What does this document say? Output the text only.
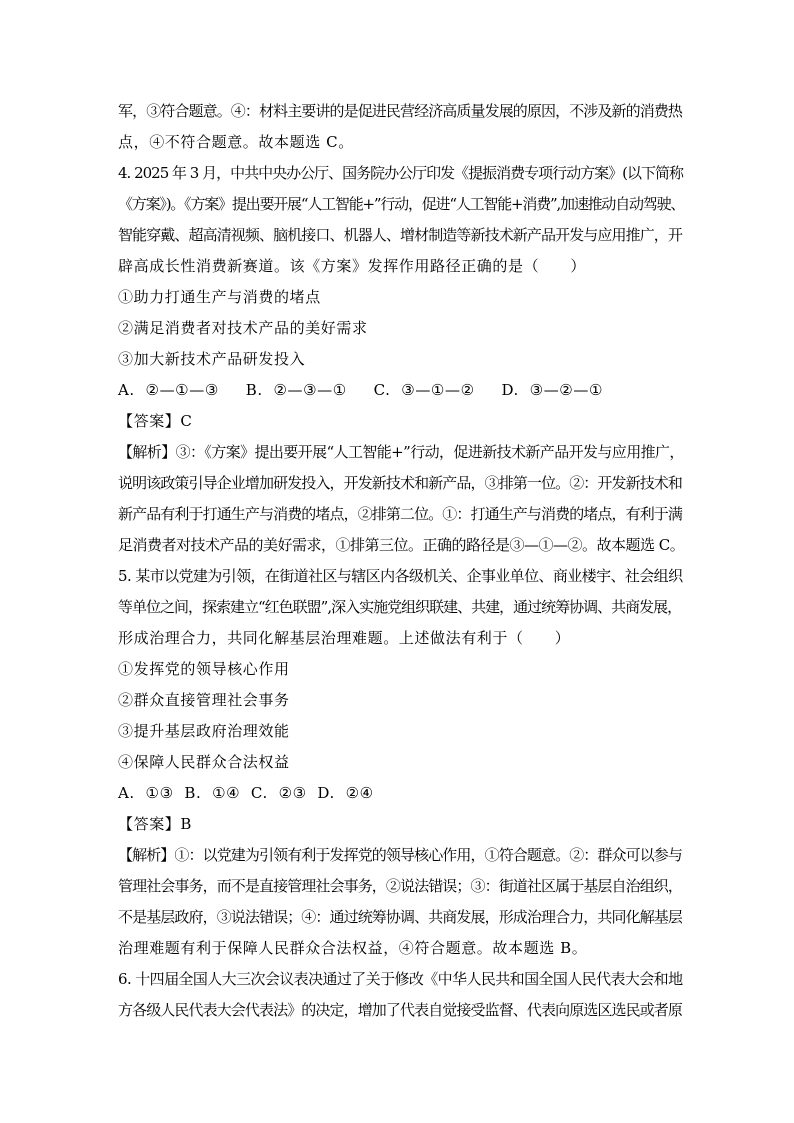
军，③符合题意。④：材料主要讲的是促进民营经济高质量发展的原因，不涉及新的消费热
点，④不符合题意。故本题选 C。
4. 2025 年 3 月，中共中央办公厅、国务院办公厅印发《提振消费专项行动方案》(以下简称
《方案》)。《方案》提出要开展“人工智能+”行动，促进“人工智能+消费”,加速推动自动驾驶、
智能穿戴、超高清视频、脑机接口、机器人、增材制造等新技术新产品开发与应用推广，开
辟高成长性消费新赛道。该《方案》发挥作用路径正确的是（　　）
①助力打通生产与消费的堵点
②满足消费者对技术产品的美好需求
③加大新技术产品研发投入
A.  ②—①—③     B.  ②—③—①     C.  ③—①—②     D.  ③—②—①
【答案】C
【解析】③：《方案》提出要开展“人工智能+”行动，促进新技术新产品开发与应用推广，
说明该政策引导企业增加研发投入，开发新技术和新产品，③排第一位。②：开发新技术和
新产品有利于打通生产与消费的堵点，②排第二位。①：打通生产与消费的堵点，有利于满
足消费者对技术产品的美好需求，①排第三位。正确的路径是③—①—②。故本题选 C。
5. 某市以党建为引领，在街道社区与辖区内各级机关、企事业单位、商业楼宇、社会组织
等单位之间，探索建立“红色联盟”,深入实施党组织联建、共建，通过统筹协调、共商发展，
形成治理合力，共同化解基层治理难题。上述做法有利于（　　）
①发挥党的领导核心作用
②群众直接管理社会事务
③提升基层政府治理效能
④保障人民群众合法权益
A.  ①③  B.  ①④  C.  ②③  D.  ②④
【答案】B
【解析】①：以党建为引领有利于发挥党的领导核心作用，①符合题意。②：群众可以参与
管理社会事务，而不是直接管理社会事务，②说法错误；③：街道社区属于基层自治组织，
不是基层政府，③说法错误；④：通过统筹协调、共商发展，形成治理合力，共同化解基层
治理难题有利于保障人民群众合法权益，④符合题意。故本题选 B。
6. 十四届全国人大三次会议表决通过了关于修改《中华人民共和国全国人民代表大会和地
方各级人民代表大会代表法》的决定，增加了代表自觉接受监督、代表向原选区选民或者原
